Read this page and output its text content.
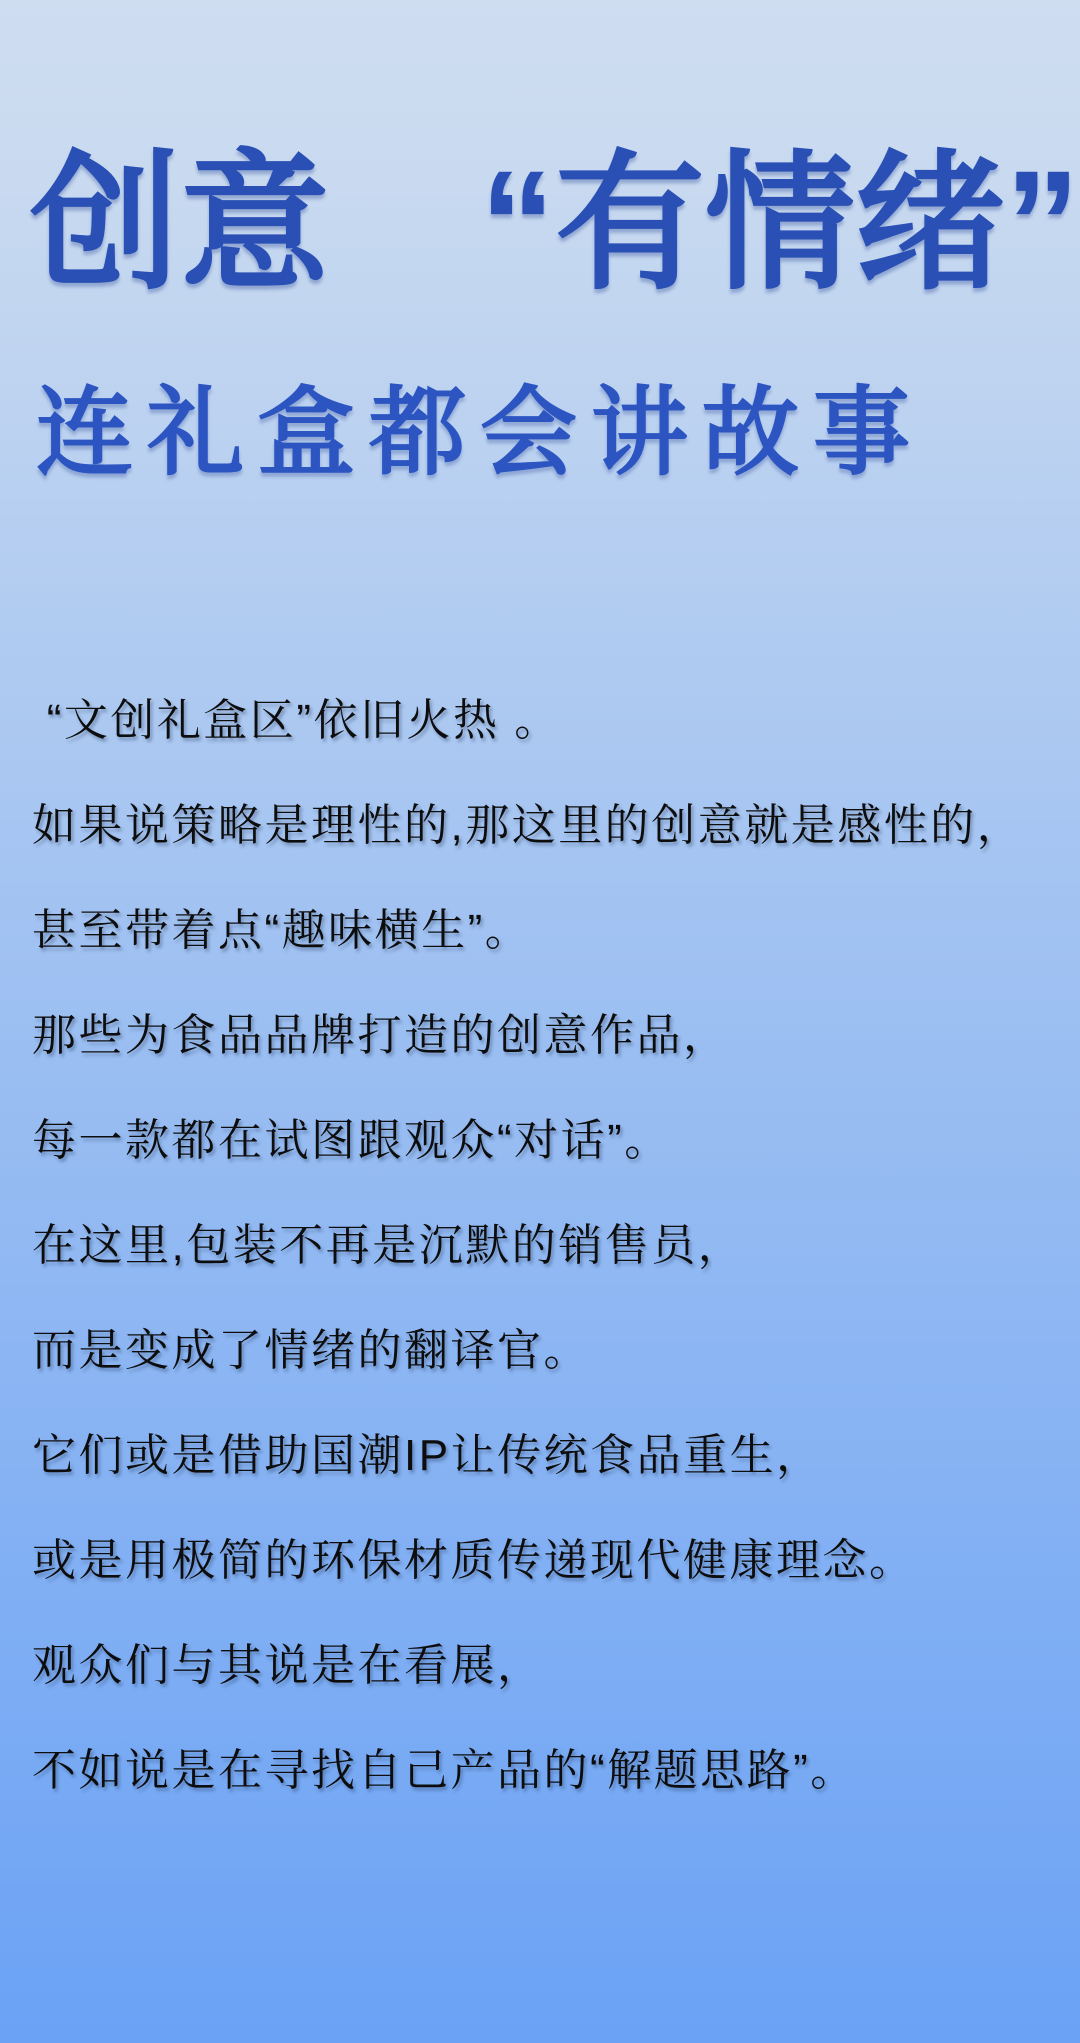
创意　“有情绪”
连礼盒都会讲故事

“文创礼盒区”依旧火热 。

如果说策略是理性的,那这里的创意就是感性的，

甚至带着点“趣味横生”。

那些为食品品牌打造的创意作品，

每一款都在试图跟观众“对话”。

在这里,包装不再是沉默的销售员，

而是变成了情绪的翻译官。

它们或是借助国潮IP让传统食品重生，

或是用极简的环保材质传递现代健康理念。

观众们与其说是在看展，

不如说是在寻找自己产品的“解题思路”。
